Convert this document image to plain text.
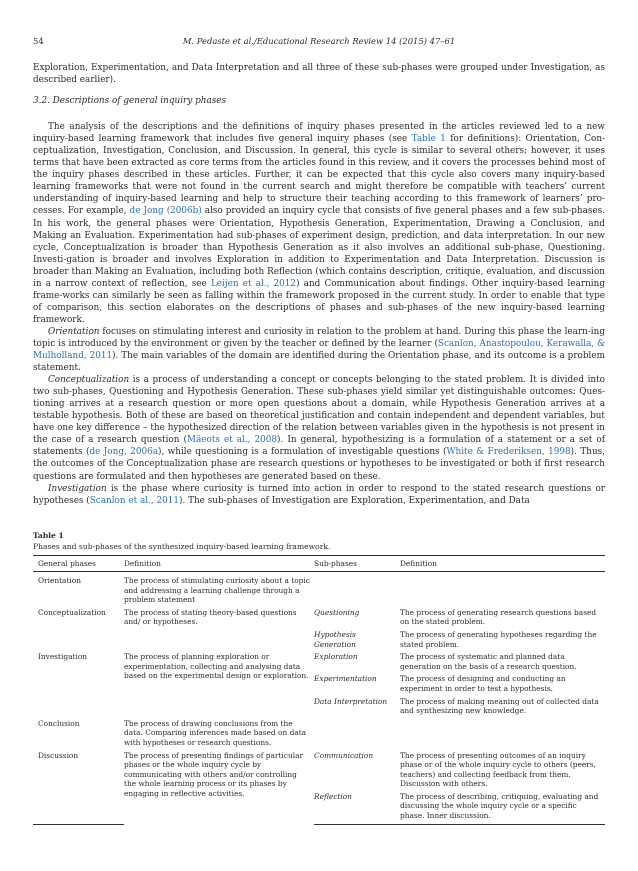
54	M. Pedaste et al./Educational Research Review 14 (2015) 47–61

Exploration, Experimentation, and Data Interpretation and all three of these sub-phases were grouped under Investigation, as described earlier).

3.2. Descriptions of general inquiry phases

The analysis of the descriptions and the definitions of inquiry phases presented in the articles reviewed led to a new inquiry-based learning framework that includes five general inquiry phases (see Table 1 for definitions): Orientation, Con-ceptualization, Investigation, Conclusion, and Discussion. In general, this cycle is similar to several others; however, it uses terms that have been extracted as core terms from the articles found in this review, and it covers the processes behind most of the inquiry phases described in these articles. Further, it can be expected that this cycle also covers many inquiry-based learning frameworks that were not found in the current search and might therefore be compatible with teachers’ current understanding of inquiry-based learning and help to structure their teaching according to this framework of learners’ pro-cesses. For example, de Jong (2006b) also provided an inquiry cycle that consists of five general phases and a few sub-phases. In his work, the general phases were Orientation, Hypothesis Generation, Experimentation, Drawing a Conclusion, and Making an Evaluation. Experimentation had sub-phases of experiment design, prediction, and data interpretation. In our new cycle, Conceptualization is broader than Hypothesis Generation as it also involves an additional sub-phase, Questioning. Investi-gation is broader and involves Exploration in addition to Experimentation and Data Interpretation. Discussion is broader than Making an Evaluation, including both Reflection (which contains description, critique, evaluation, and discussion in a narrow context of reflection, see Leijen et al., 2012) and Communication about findings. Other inquiry-based learning frame-works can similarly be seen as falling within the framework proposed in the current study. In order to enable that type of comparison, this section elaborates on the descriptions of phases and sub-phases of the new inquiry-based learning framework.

Orientation focuses on stimulating interest and curiosity in relation to the problem at hand. During this phase the learn-ing topic is introduced by the environment or given by the teacher or defined by the learner (Scanlon, Anastopoulou, Kerawalla, & Mulholland, 2011). The main variables of the domain are identified during the Orientation phase, and its outcome is a problem statement.

Conceptualization is a process of understanding a concept or concepts belonging to the stated problem. It is divided into two sub-phases, Questioning and Hypothesis Generation. These sub-phases yield similar yet distinguishable outcomes: Ques-tioning arrives at a research question or more open questions about a domain, while Hypothesis Generation arrives at a testable hypothesis. Both of these are based on theoretical justification and contain independent and dependent variables, but have one key difference – the hypothesized direction of the relation between variables given in the hypothesis is not present in the case of a research question (Mäeots et al., 2008). In general, hypothesizing is a formulation of a statement or a set of statements (de Jong, 2006a), while questioning is a formulation of investigable questions (White & Frederiksen, 1998). Thus, the outcomes of the Conceptualization phase are research questions or hypotheses to be investigated or both if first research questions are formulated and then hypotheses are generated based on these.

Investigation is the phase where curiosity is turned into action in order to respond to the stated research questions or hypotheses (Scanlon et al., 2011). The sub-phases of Investigation are Exploration, Experimentation, and Data

Table 1
Phases and sub-phases of the synthesized inquiry-based learning framework.
General phases	Definition	Sub-phases	Definition
Orientation	The process of stimulating curiosity about a topic and addressing a learning challenge through a problem statement		
Conceptualization	The process of stating theory-based questions and/ or hypotheses.	Questioning	The process of generating research questions based on the stated problem.
		Hypothesis Generation	The process of generating hypotheses regarding the stated problem.
Investigation	The process of planning exploration or experimentation, collecting and analysing data based on the experimental design or exploration.	Exploration	The process of systematic and planned data generation on the basis of a research question.
		Experimentation	The process of designing and conducting an experiment in order to test a hypothesis.
		Data Interpretation	The process of making meaning out of collected data and synthesizing new knowledge.
Conclusion	The process of drawing conclusions from the data. Comparing inferences made based on data with hypotheses or research questions.		
Discussion	The process of presenting findings of particular phases or the whole inquiry cycle by communicating with others and/or controlling the whole learning process or its phases by engaging in reflective activities.	Communication	The process of presenting outcomes of an inquiry phase or of the whole inquiry cycle to others (peers, teachers) and collecting feedback from them. Discussion with others.
		Reflection	The process of describing, critiquing, evaluating and discussing the whole inquiry cycle or a specific phase. Inner discussion.
